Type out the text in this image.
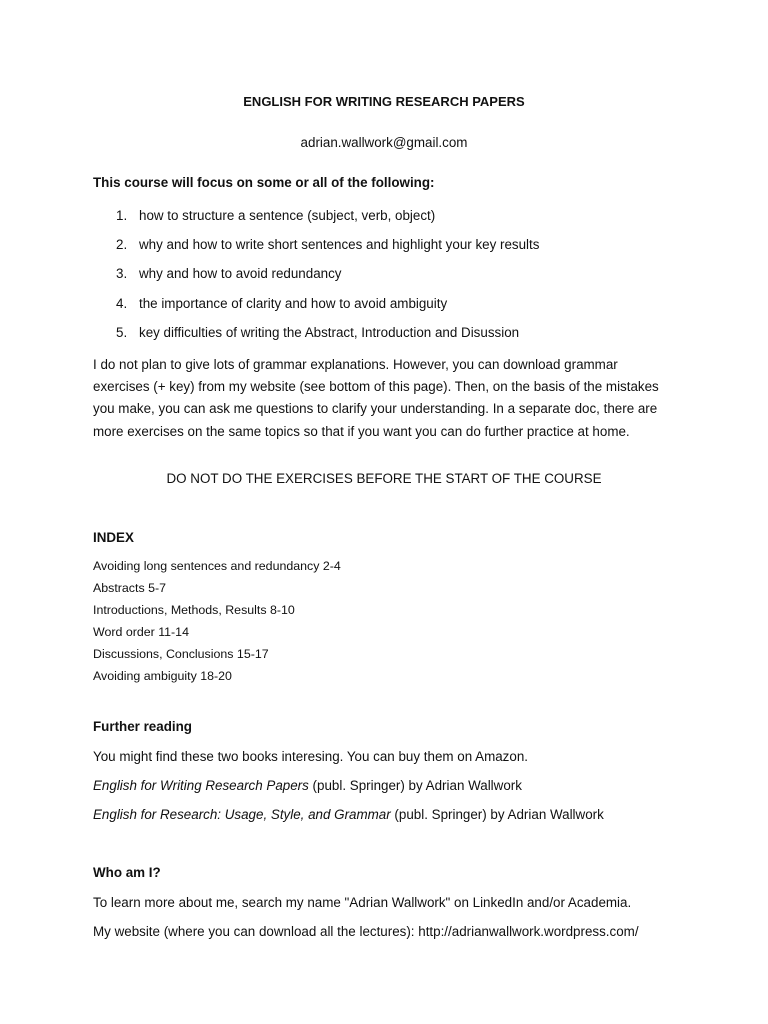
ENGLISH FOR WRITING RESEARCH PAPERS
adrian.wallwork@gmail.com
This course will focus on some or all of the following:
1. how to structure a sentence (subject, verb, object)
2. why and how to write short sentences and highlight your key results
3. why and how to avoid redundancy
4. the importance of clarity and how to avoid ambiguity
5. key difficulties of writing the Abstract, Introduction and Disussion
I do not plan to give lots of grammar explanations. However, you can download grammar exercises (+ key) from my website (see bottom of this page). Then, on the basis of the mistakes you make, you can ask me questions to clarify your understanding. In a separate doc, there are more exercises on the same topics so that if you want you can do further practice at home.
DO NOT DO THE EXERCISES BEFORE THE START OF THE COURSE
INDEX
Avoiding long sentences and redundancy 2-4
Abstracts 5-7
Introductions, Methods, Results 8-10
Word order 11-14
Discussions, Conclusions 15-17
Avoiding ambiguity 18-20
Further reading
You might find these two books interesing. You can buy them on Amazon.
English for Writing Research Papers (publ. Springer) by Adrian Wallwork
English for Research: Usage, Style, and Grammar (publ. Springer) by Adrian Wallwork
Who am I?
To learn more about me, search my name "Adrian Wallwork" on LinkedIn and/or Academia.
My website (where you can download all the lectures): http://adrianwallwork.wordpress.com/
